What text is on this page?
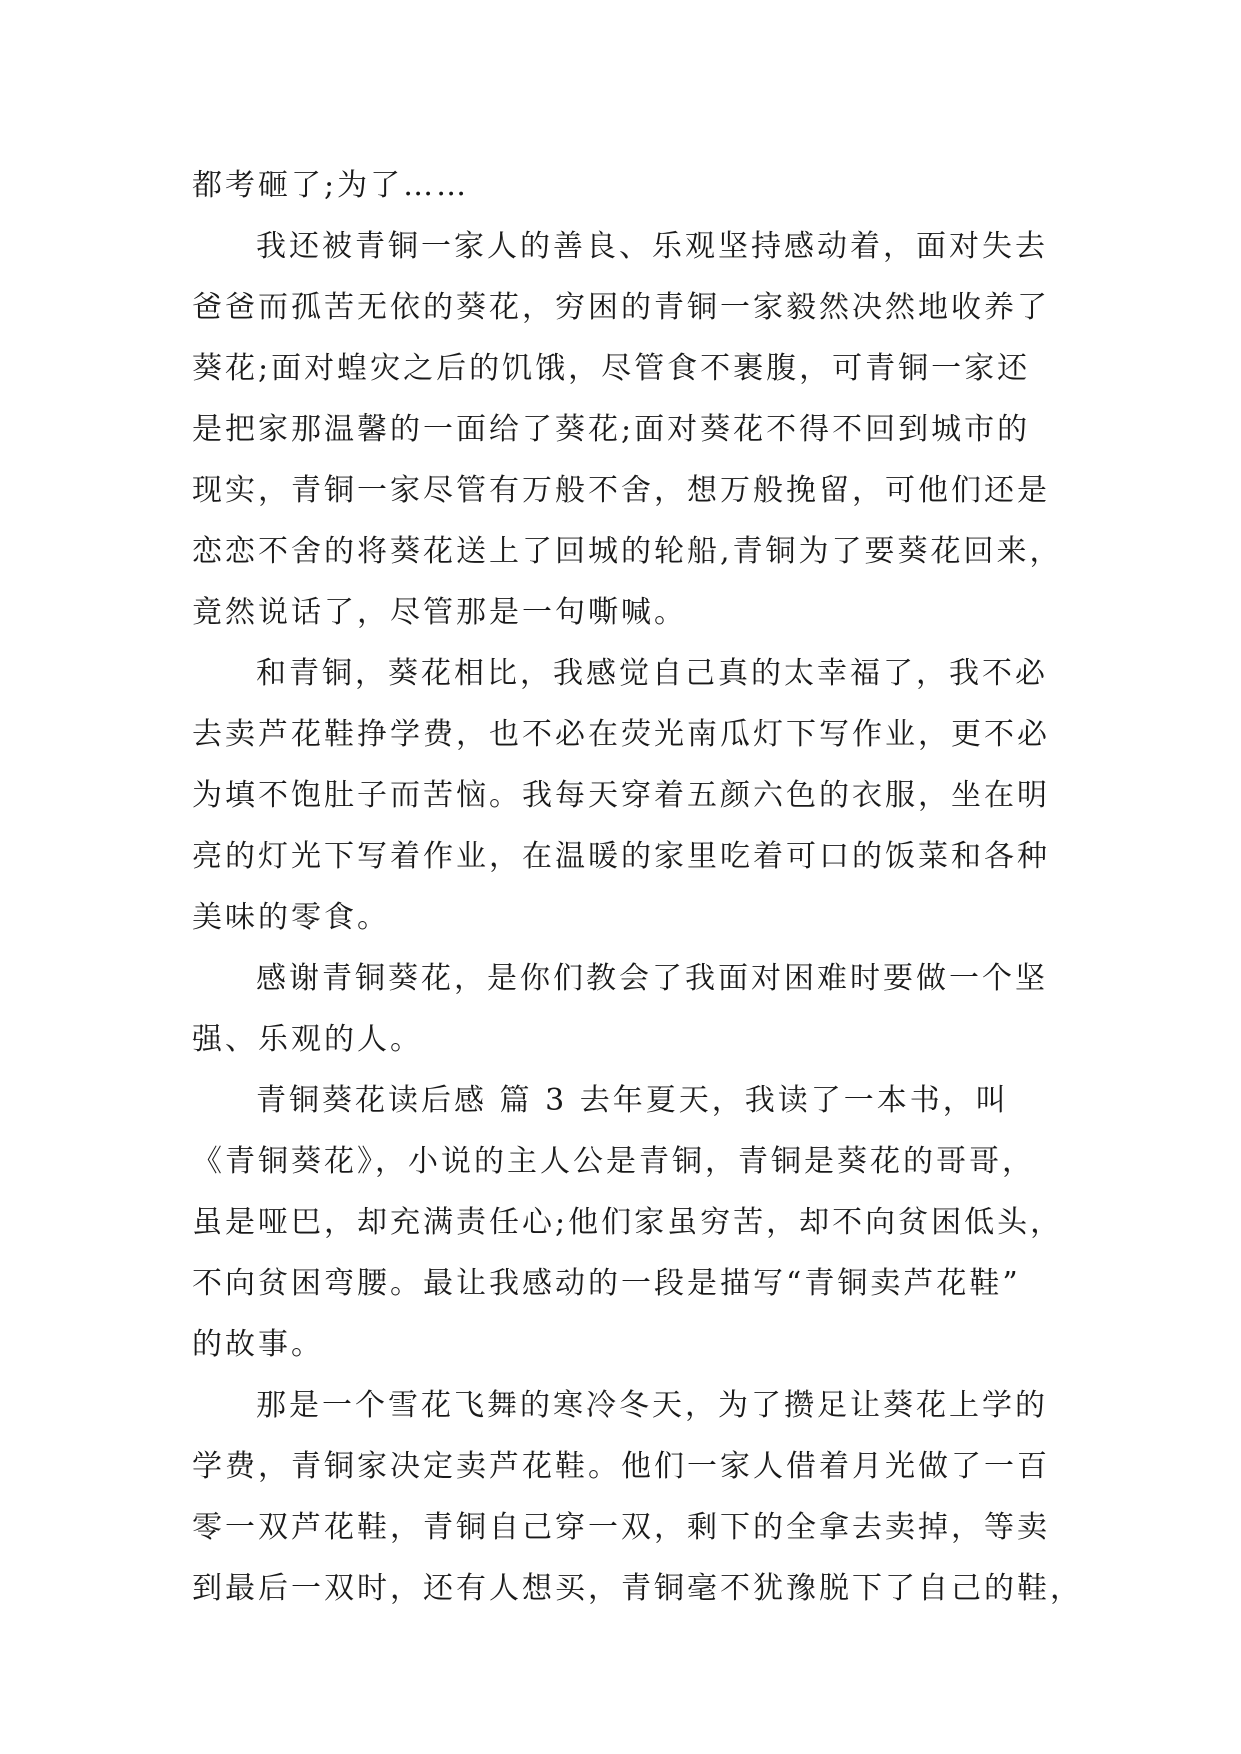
都考砸了;为了……
我还被青铜一家人的善良、乐观坚持感动着，面对失去
爸爸而孤苦无依的葵花，穷困的青铜一家毅然决然地收养了
葵花;面对蝗灾之后的饥饿，尽管食不裹腹，可青铜一家还
是把家那温馨的一面给了葵花;面对葵花不得不回到城市的
现实，青铜一家尽管有万般不舍，想万般挽留，可他们还是
恋恋不舍的将葵花送上了回城的轮船,青铜为了要葵花回来，
竟然说话了，尽管那是一句嘶喊。
和青铜，葵花相比，我感觉自己真的太幸福了，我不必
去卖芦花鞋挣学费，也不必在荧光南瓜灯下写作业，更不必
为填不饱肚子而苦恼。我每天穿着五颜六色的衣服，坐在明
亮的灯光下写着作业，在温暖的家里吃着可口的饭菜和各种
美味的零食。
感谢青铜葵花，是你们教会了我面对困难时要做一个坚
强、乐观的人。
青铜葵花读后感 篇 3 去年夏天，我读了一本书，叫
《青铜葵花》，小说的主人公是青铜，青铜是葵花的哥哥，
虽是哑巴，却充满责任心;他们家虽穷苦，却不向贫困低头，
不向贫困弯腰。最让我感动的一段是描写“青铜卖芦花鞋”
的故事。
那是一个雪花飞舞的寒冷冬天，为了攒足让葵花上学的
学费，青铜家决定卖芦花鞋。他们一家人借着月光做了一百
零一双芦花鞋，青铜自己穿一双，剩下的全拿去卖掉，等卖
到最后一双时，还有人想买，青铜毫不犹豫脱下了自己的鞋，
